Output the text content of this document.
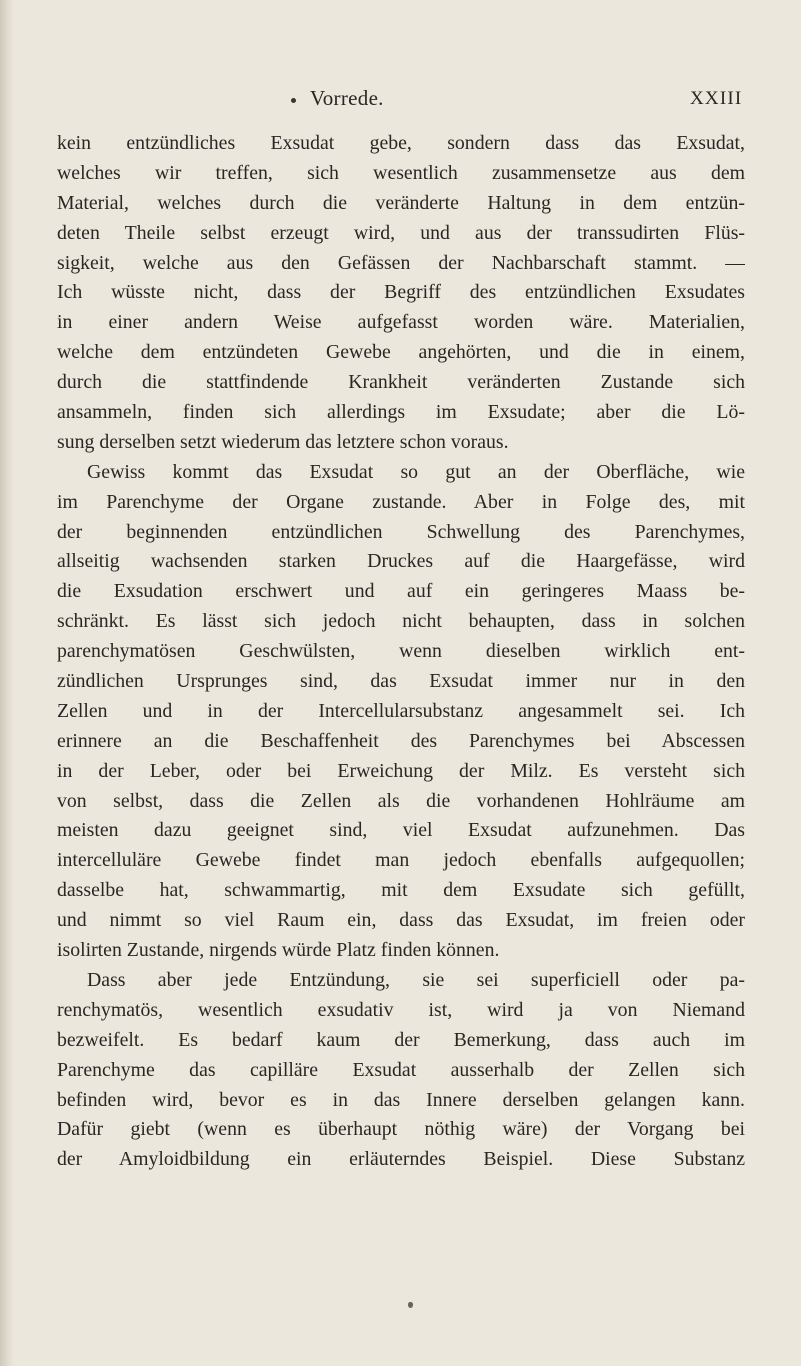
Vorrede.	XXIII
kein entzündliches Exsudat gebe, sondern dass das Exsudat,
welches wir treffen, sich wesentlich zusammensetze aus dem
Material, welches durch die veränderte Haltung in dem entzün-
deten Theile selbst erzeugt wird, und aus der transsudirten Flüs-
sigkeit, welche aus den Gefässen der Nachbarschaft stammt. —
Ich wüsste nicht, dass der Begriff des entzündlichen Exsudates
in einer andern Weise aufgefasst worden wäre. Materialien,
welche dem entzündeten Gewebe angehörten, und die in einem,
durch die stattfindende Krankheit veränderten Zustande sich
ansammeln, finden sich allerdings im Exsudate; aber die Lö-
sung derselben setzt wiederum das letztere schon voraus.
Gewiss kommt das Exsudat so gut an der Oberfläche, wie
im Parenchyme der Organe zustande. Aber in Folge des, mit
der beginnenden entzündlichen Schwellung des Parenchymes,
allseitig wachsenden starken Druckes auf die Haargefässe, wird
die Exsudation erschwert und auf ein geringeres Maass be-
schränkt. Es lässt sich jedoch nicht behaupten, dass in solchen
parenchymatösen Geschwülsten, wenn dieselben wirklich ent-
zündlichen Ursprunges sind, das Exsudat immer nur in den
Zellen und in der Intercellularsubstanz angesammelt sei. Ich
erinnere an die Beschaffenheit des Parenchymes bei Abscessen
in der Leber, oder bei Erweichung der Milz. Es versteht sich
von selbst, dass die Zellen als die vorhandenen Hohlräume am
meisten dazu geeignet sind, viel Exsudat aufzunehmen. Das
intercelluläre Gewebe findet man jedoch ebenfalls aufgequollen;
dasselbe hat, schwammartig, mit dem Exsudate sich gefüllt,
und nimmt so viel Raum ein, dass das Exsudat, im freien oder
isolirten Zustande, nirgends würde Platz finden können.
Dass aber jede Entzündung, sie sei superficiell oder pa-
renchymatös, wesentlich exsudativ ist, wird ja von Niemand
bezweifelt. Es bedarf kaum der Bemerkung, dass auch im
Parenchyme das capilläre Exsudat ausserhalb der Zellen sich
befinden wird, bevor es in das Innere derselben gelangen kann.
Dafür giebt (wenn es überhaupt nöthig wäre) der Vorgang bei
der Amyloidbildung ein erläuterndes Beispiel. Diese Substanz
